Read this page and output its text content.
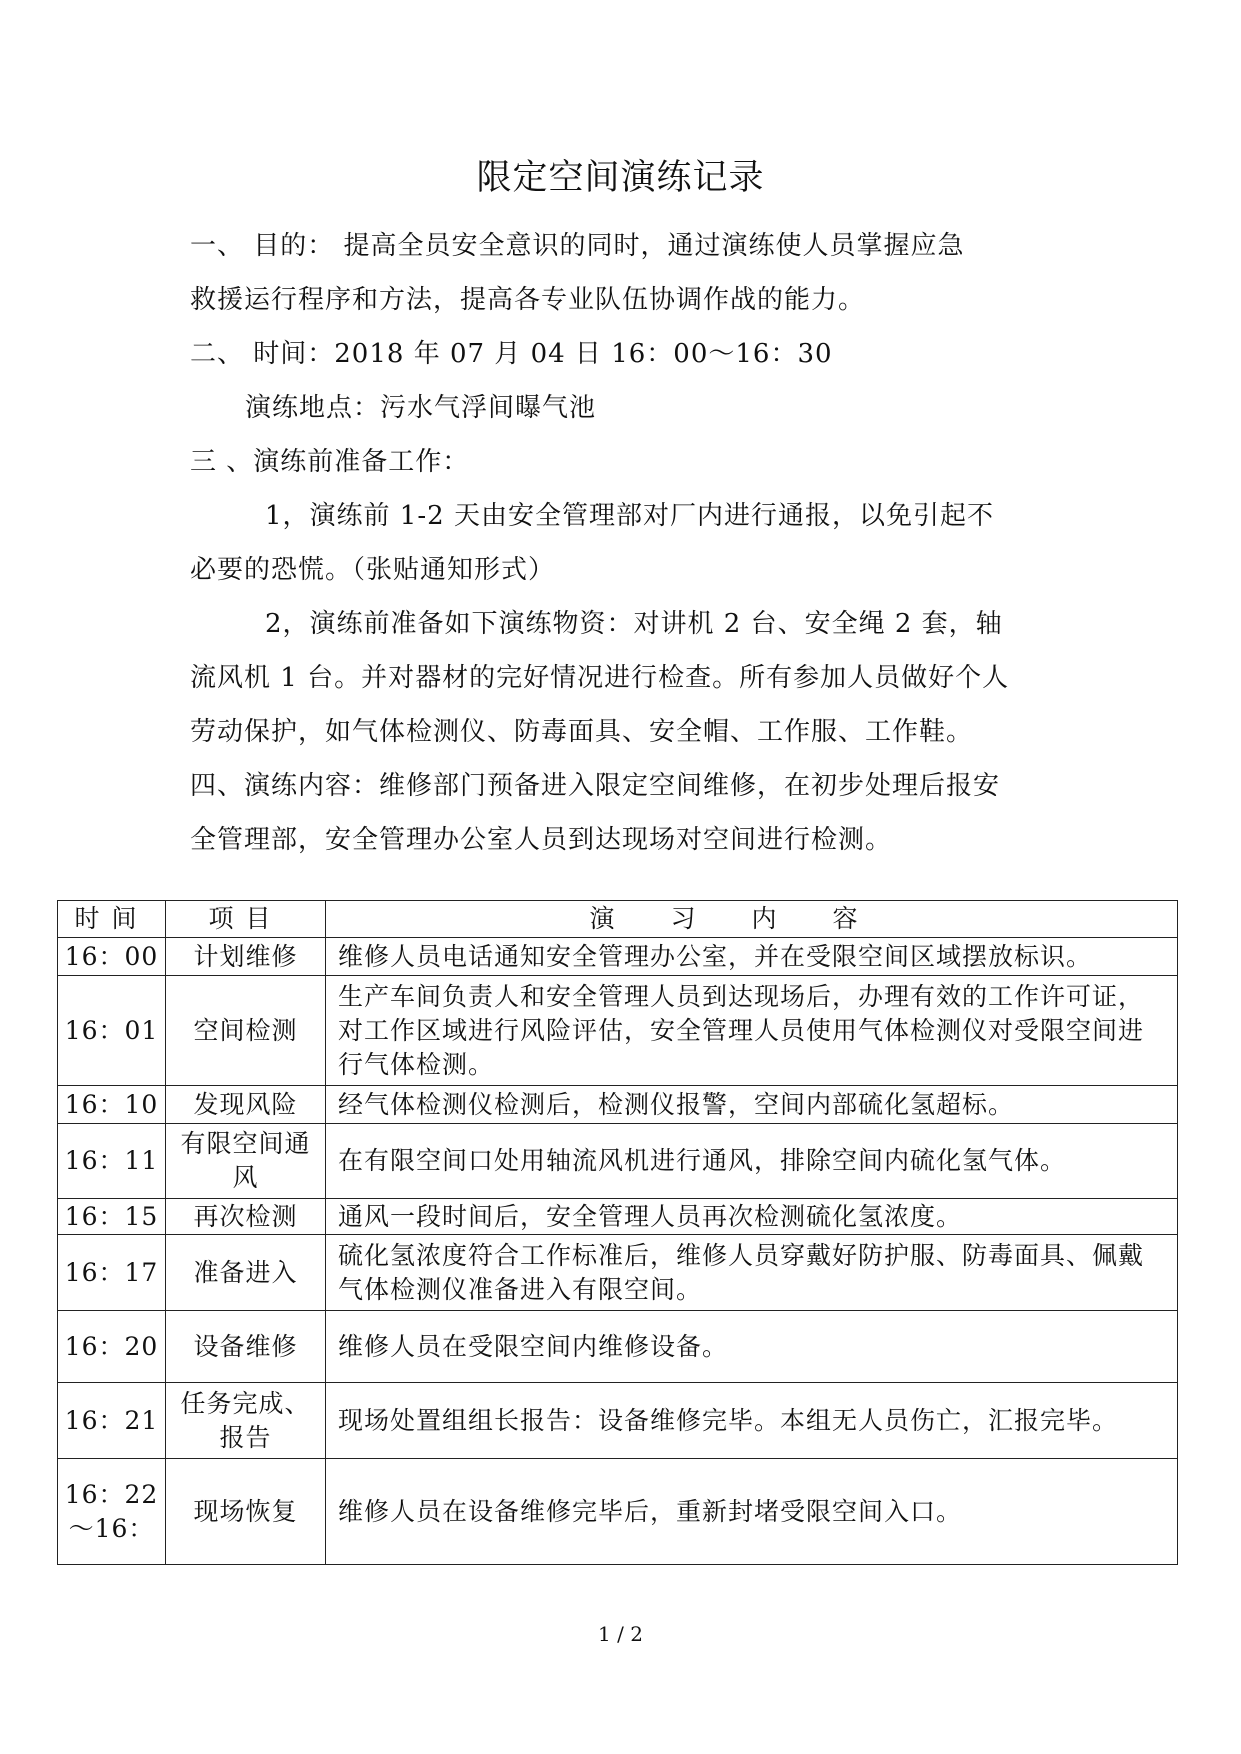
限定空间演练记录
一、 目的： 提高全员安全意识的同时，通过演练使人员掌握应急
救援运行程序和方法，提高各专业队伍协调作战的能力。
二、 时间：2018 年 07 月 04 日 16：00～16：30
演练地点：污水气浮间曝气池
三 、演练前准备工作：
1，演练前 1-2 天由安全管理部对厂内进行通报，以免引起不
必要的恐慌。（张贴通知形式）
2，演练前准备如下演练物资：对讲机 2 台、安全绳 2 套，轴
流风机 1 台。并对器材的完好情况进行检查。所有参加人员做好个人
劳动保护，如气体检测仪、防毒面具、安全帽、工作服、工作鞋。
四、演练内容：维修部门预备进入限定空间维修，在初步处理后报安
全管理部，安全管理办公室人员到达现场对空间进行检测。
时间	项目	演习内容
16：00	计划维修	维修人员电话通知安全管理办公室，并在受限空间区域摆放标识。
16：01	空间检测	生产车间负责人和安全管理人员到达现场后，办理有效的工作许可证，对工作区域进行风险评估，安全管理人员使用气体检测仪对受限空间进行气体检测。
16：10	发现风险	经气体检测仪检测后，检测仪报警，空间内部硫化氢超标。
16：11	有限空间通风	在有限空间口处用轴流风机进行通风，排除空间内硫化氢气体。
16：15	再次检测	通风一段时间后，安全管理人员再次检测硫化氢浓度。
16：17	准备进入	硫化氢浓度符合工作标准后，维修人员穿戴好防护服、防毒面具、佩戴气体检测仪准备进入有限空间。
16：20	设备维修	维修人员在受限空间内维修设备。
16：21	任务完成、报告	现场处置组组长报告：设备维修完毕。本组无人员伤亡，汇报完毕。
16：22～16：	现场恢复	维修人员在设备维修完毕后，重新封堵受限空间入口。
1 / 2
